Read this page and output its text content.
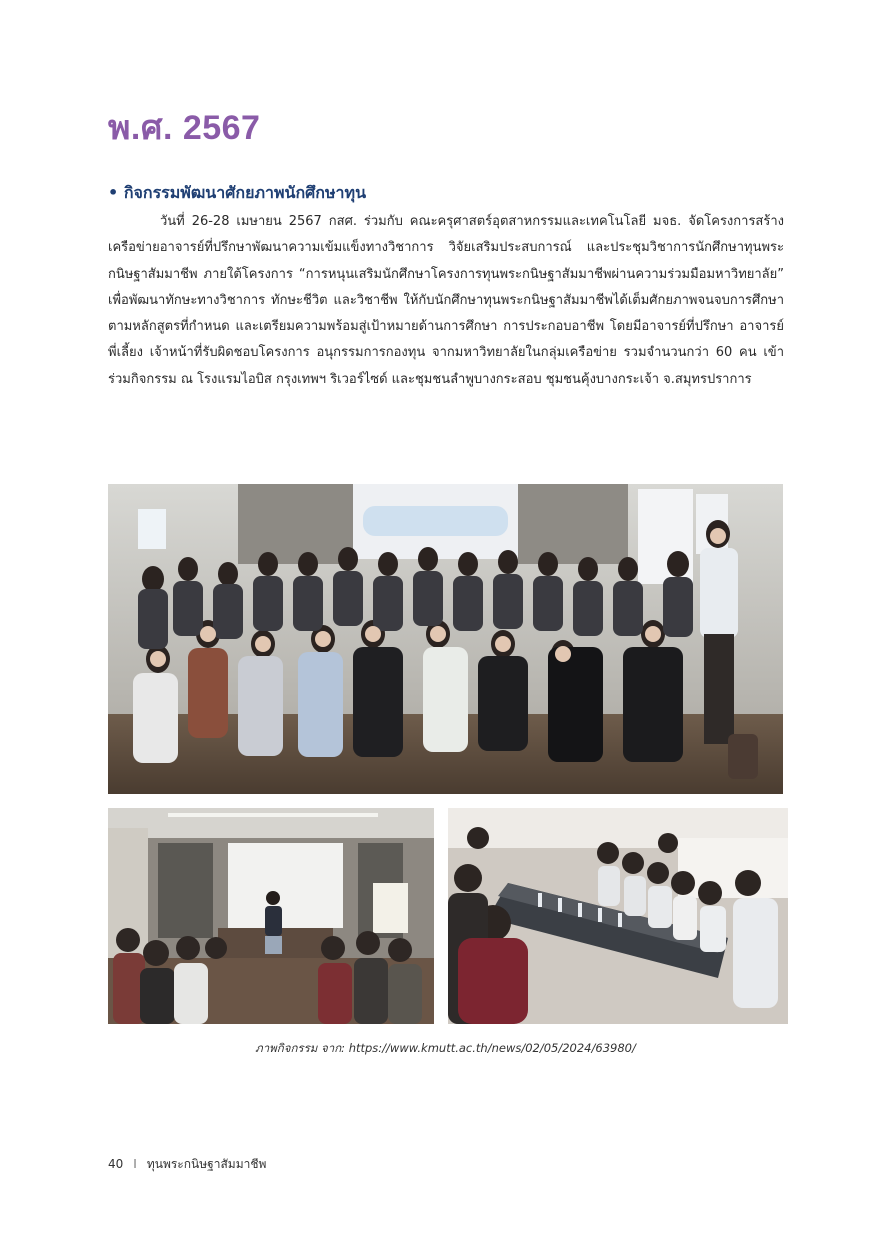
พ.ศ. 2567
• กิจกรรมพัฒนาศักยภาพนักศึกษาทุน
วันที่ 26-28 เมษายน 2567 กสศ. ร่วมกับ คณะครุศาสตร์อุตสาหกรรมและเทคโนโลยี มจธ. จัดโครงการสร้างเครือข่ายอาจารย์ที่ปรึกษาพัฒนาความเข้มแข็งทางวิชาการ วิจัยเสริมประสบการณ์ และประชุมวิชาการนักศึกษาทุนพระกนิษฐาสัมมาชีพ ภายใต้โครงการ “การหนุนเสริมนักศึกษาโครงการทุนพระกนิษฐาสัมมาชีพผ่านความร่วมมือมหาวิทยาลัย” เพื่อพัฒนาทักษะทางวิชาการ ทักษะชีวิต และวิชาชีพ ให้กับนักศึกษาทุนพระกนิษฐาสัมมาชีพได้เต็มศักยภาพจนจบการศึกษาตามหลักสูตรที่กำหนด และเตรียมความพร้อมสู่เป้าหมายด้านการศึกษา การประกอบอาชีพ โดยมีอาจารย์ที่ปรึกษา อาจารย์พี่เลี้ยง เจ้าหน้าที่รับผิดชอบโครงการ อนุกรรมการกองทุน จากมหาวิทยาลัยในกลุ่มเครือข่าย รวมจำนวนกว่า 60 คน เข้าร่วมกิจกรรม ณ โรงแรมไอบิส กรุงเทพฯ ริเวอร์ไซด์ และชุมชนลำพูบางกระสอบ ชุมชนคุ้งบางกระเจ้า จ.สมุทรปราการ
ภาพกิจกรรม จาก: https://www.kmutt.ac.th/news/02/05/2024/63980/
40 I ทุนพระกนิษฐาสัมมาชีพ
